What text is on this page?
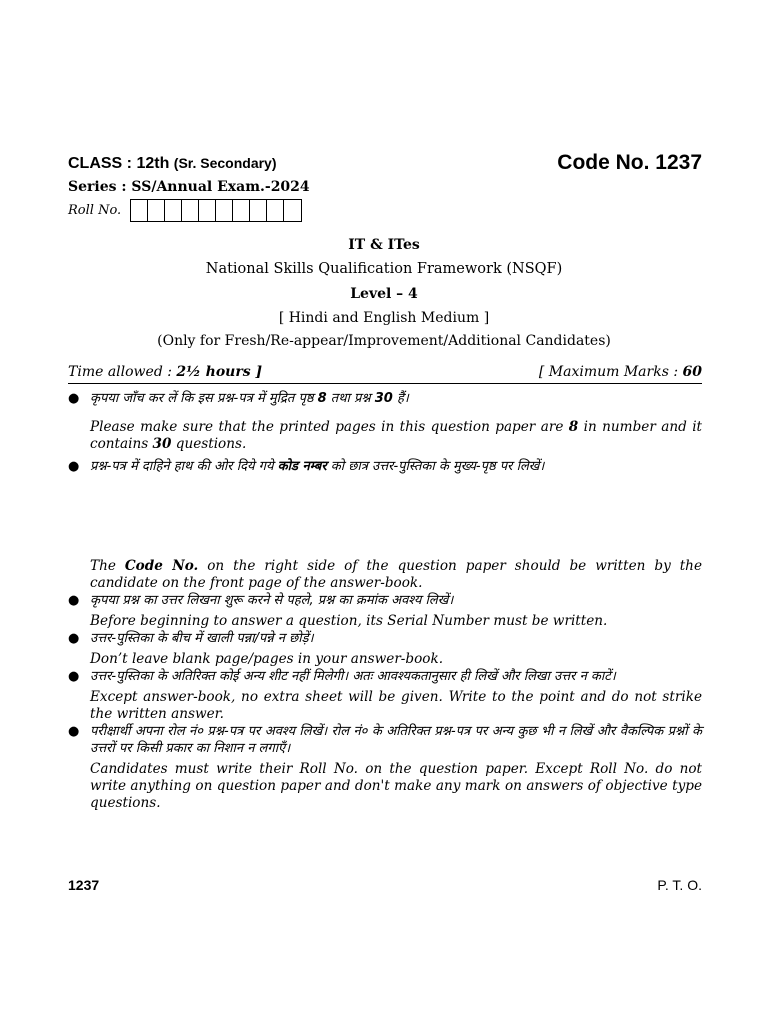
CLASS : 12th (Sr. Secondary)	Code No. 1237
Series : SS/Annual Exam.-2024
Roll No.
IT & ITes
National Skills Qualification Framework (NSQF)
Level – 4
[ Hindi and English Medium ]
(Only for Fresh/Re-appear/Improvement/Additional Candidates)
Time allowed : 2½ hours ]	[ Maximum Marks : 60
● कृपया जाँच कर लें कि इस प्रश्न-पत्र में मुद्रित पृष्ठ 8 तथा प्रश्न 30 हैं।
Please make sure that the printed pages in this question paper are 8 in number and it contains 30 questions.
● प्रश्न-पत्र में दाहिने हाथ की ओर दिये गये कोड नम्बर को छात्र उत्तर-पुस्तिका के मुख्य-पृष्ठ पर लिखें।
The Code No. on the right side of the question paper should be written by the candidate on the front page of the answer-book.
● कृपया प्रश्न का उत्तर लिखना शुरू करने से पहले, प्रश्न का क्रमांक अवश्य लिखें।
Before beginning to answer a question, its Serial Number must be written.
● उत्तर-पुस्तिका के बीच में खाली पन्ना/पन्ने न छोड़ें।
Don’t leave blank page/pages in your answer-book.
● उत्तर-पुस्तिका के अतिरिक्त कोई अन्य शीट नहीं मिलेगी। अतः आवश्यकतानुसार ही लिखें और लिखा उत्तर न काटें।
Except answer-book, no extra sheet will be given. Write to the point and do not strike the written answer.
● परीक्षार्थी अपना रोल नं० प्रश्न-पत्र पर अवश्य लिखें। रोल नं० के अतिरिक्त प्रश्न-पत्र पर अन्य कुछ भी न लिखें और वैकल्पिक प्रश्नों के उत्तरों पर किसी प्रकार का निशान न लगाएँ।
Candidates must write their Roll No. on the question paper. Except Roll No. do not write anything on question paper and don't make any mark on answers of objective type questions.
1237	P. T. O.
